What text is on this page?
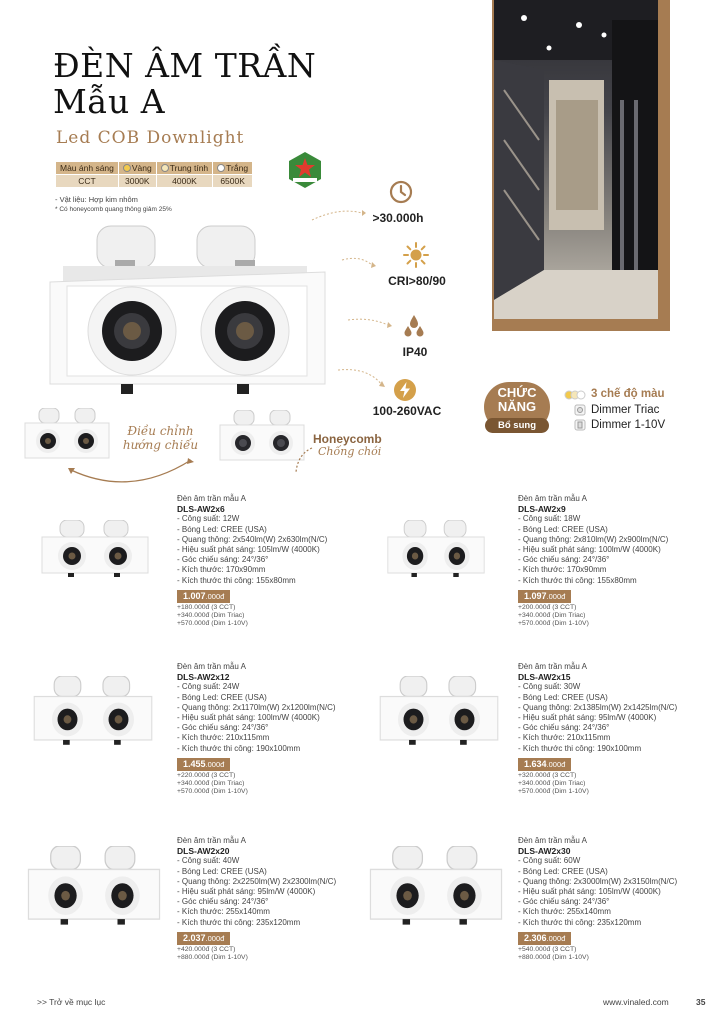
ĐÈN ÂM TRẦN
Mẫu A
Led COB Downlight
Màu ánh sáng	Vàng	Trung tính	Trắng
CCT	3000K	4000K	6500K
- Vật liệu: Hợp kim nhôm
* Có honeycomb quang thông giảm 25%
>30.000h
CRI>80/90
IP40
100-260VAC
CHỨC
NĂNG
Bổ sung
3 chế độ màu
Dimmer Triac
Dimmer 1-10V
Điều chỉnh
hướng chiếu	Honeycomb
Chống chói
Đèn âm trần mẫu A
DLS-AW2x6
- Công suất: 12W
- Bóng Led: CREE (USA)
- Quang thông: 2x540lm(W) 2x630lm(N/C)
- Hiệu suất phát sáng: 105lm/W (4000K)
- Góc chiếu sáng: 24°/36°
- Kích thước: 170x90mm
- Kích thước thi công: 155x80mm
1.007.000đ
+180.000đ (3 CCT)
+340.000đ (Dim Triac)
+570.000đ (Dim 1-10V)
Đèn âm trần mẫu A
DLS-AW2x9
- Công suất: 18W
- Bóng Led: CREE (USA)
- Quang thông: 2x810lm(W) 2x900lm(N/C)
- Hiệu suất phát sáng: 100lm/W (4000K)
- Góc chiếu sáng: 24°/36°
- Kích thước: 170x90mm
- Kích thước thi công: 155x80mm
1.097.000đ
+200.000đ (3 CCT)
+340.000đ (Dim Triac)
+570.000đ (Dim 1-10V)
Đèn âm trần mẫu A
DLS-AW2x12
- Công suất: 24W
- Bóng Led: CREE (USA)
- Quang thông: 2x1170lm(W) 2x1200lm(N/C)
- Hiệu suất phát sáng: 100lm/W (4000K)
- Góc chiếu sáng: 24°/36°
- Kích thước: 210x115mm
- Kích thước thi công: 190x100mm
1.455.000đ
+220.000đ (3 CCT)
+340.000đ (Dim Triac)
+570.000đ (Dim 1-10V)
Đèn âm trần mẫu A
DLS-AW2x15
- Công suất: 30W
- Bóng Led: CREE (USA)
- Quang thông: 2x1385lm(W) 2x1425lm(N/C)
- Hiệu suất phát sáng: 95lm/W (4000K)
- Góc chiếu sáng: 24°/36°
- Kích thước: 210x115mm
- Kích thước thi công: 190x100mm
1.634.000đ
+320.000đ (3 CCT)
+340.000đ (Dim Triac)
+570.000đ (Dim 1-10V)
Đèn âm trần mẫu A
DLS-AW2x20
- Công suất: 40W
- Bóng Led: CREE (USA)
- Quang thông: 2x2250lm(W) 2x2300lm(N/C)
- Hiệu suất phát sáng: 95lm/W (4000K)
- Góc chiếu sáng: 24°/36°
- Kích thước: 255x140mm
- Kích thước thi công: 235x120mm
2.037.000đ
+420.000đ (3 CCT)
+880.000đ (Dim 1-10V)
Đèn âm trần mẫu A
DLS-AW2x30
- Công suất: 60W
- Bóng Led: CREE (USA)
- Quang thông: 2x3000lm(W) 2x3150lm(N/C)
- Hiệu suất phát sáng: 105lm/W (4000K)
- Góc chiếu sáng: 24°/36°
- Kích thước: 255x140mm
- Kích thước thi công: 235x120mm
2.306.000đ
+540.000đ (3 CCT)
+880.000đ (Dim 1-10V)
>> Trở về mục lục	www.vinaled.com	35
